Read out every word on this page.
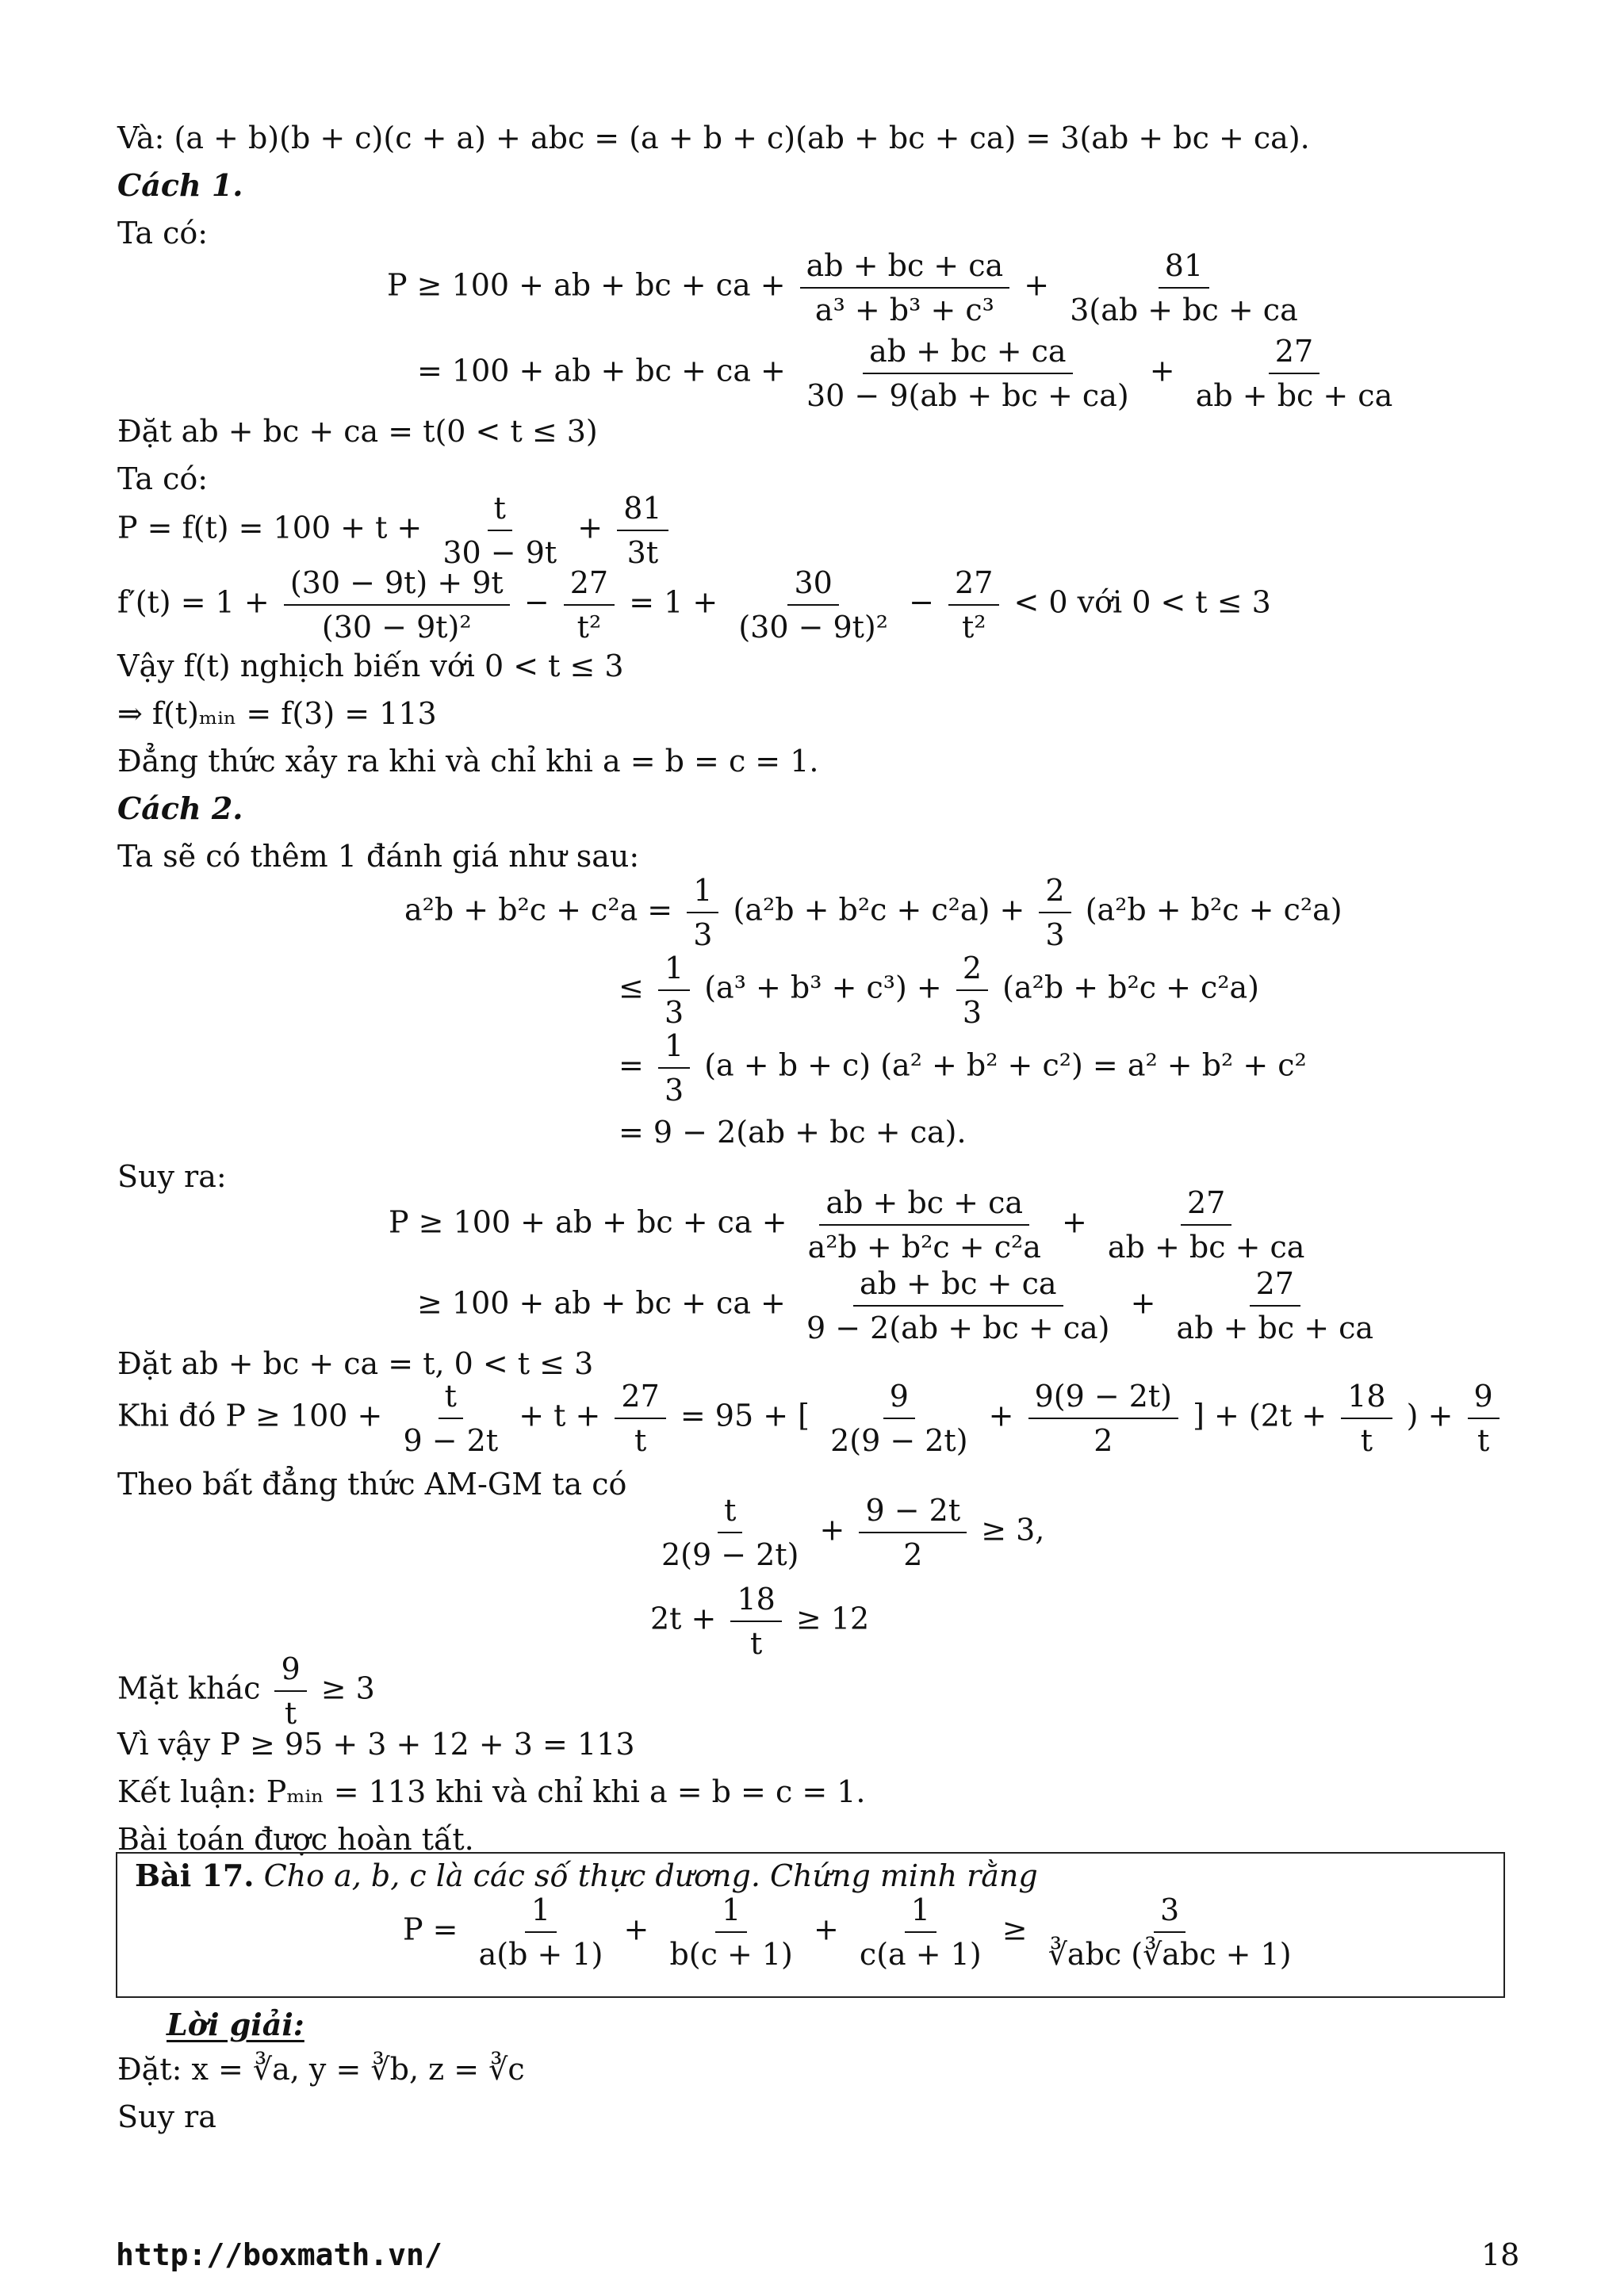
Và: (a + b)(b + c)(c + a) + abc = (a + b + c)(ab + bc + ca) = 3(ab + bc + ca).
Cách 1.
Ta có:
P ≥ 100 + ab + bc + ca + $\frac{ab + bc + ca}{\text{a³ + b³ + c³}} + \frac{81}{3(ab + bc + ca}$
= 100 + ab + bc + ca + $\frac{ab + bc + ca}{30 - 9(ab + bc + ca)} + \frac{27}{ab + bc + ca}$
Đặt ab + bc + ca = t(0 < t ≤ 3)
Ta có:
$P = f(t) = 100 + t + \frac{t}{30 - 9t} + \frac{81}{3t}$
$f'(t) = 1 + \frac{(30 - 9t) + 9t}{\text{(30 − 9t)²}} - \frac{27}{\text{t²}} = 1 + \frac{30}{\text{(30 − 9t)²}} - \frac{27}{\text{t²}} < 0$ với 0 < t ≤ 3
Vậy f(t) nghịch biến với 0 < t ≤ 3
⇒ f(t)ₘᵢₙ = f(3) = 113
Đẳng thức xảy ra khi và chỉ khi a = b = c = 1.
Cách 2.
Ta sẽ có thêm 1 đánh giá như sau:
$a^2b + b^2c + c^2a = \frac{1}{3} (a^2b + b^2c + c^2a) + \frac{2}{3} (a^2b + b^2c + c^2a)$
≤ $\frac{1}{3} (a^3 + b^3 + c^3) + \frac{2}{3} (a^2b + b^2c + c^2a)$
= $\frac{1}{3} (a + b + c) (a^2 + b^2 + c^2) = a^2 + b^2 + c^2$
= 9 − 2(ab + bc + ca).
Suy ra:
P ≥ 100 + ab + bc + ca + $\frac{ab + bc + ca}{\text{a²b + b²c + c²a}} + \frac{27}{ab + bc + ca}$
≥ 100 + ab + bc + ca + $\frac{ab + bc + ca}{9 - 2(ab + bc + ca)} + \frac{27}{ab + bc + ca}$
Đặt ab + bc + ca = t, 0 < t ≤ 3
Khi đó $P \ge 100 + \frac{t}{9 - 2t} + t + \frac{27}{t} = 95$ + [ $\frac{9}{2(9 - 2t)} + \frac{9(9 - 2t)}{2}$ ] + ($2t + \frac{18}{t}$ ) + $\frac{9}{t}$
Theo bất đẳng thức AM-GM ta có
$\frac{t}{2(9 - 2t)} + \frac{9 - 2t}{2} \ge 3$,
$2t + \frac{18}{t} \ge 12$
Mặt khác $\frac{9}{t} \ge 3$
Vì vậy P ≥ 95 + 3 + 12 + 3 = 113
Kết luận: Pₘᵢₙ = 113 khi và chỉ khi a = b = c = 1.
Bài toán được hoàn tất.
Bài 17. Cho a, b, c là các số thực dương. Chứng minh rằng
$P = \frac{1}{a(b + 1)} + \frac{1}{b(c + 1)} + \frac{1}{c(a + 1)} \ge \frac{3}{\text{∛abc (∛abc + 1)}}$
Lời giải:
Đặt: x = ∛a, y = ∛b, z = ∛c
Suy ra
http://boxmath.vn/	18
